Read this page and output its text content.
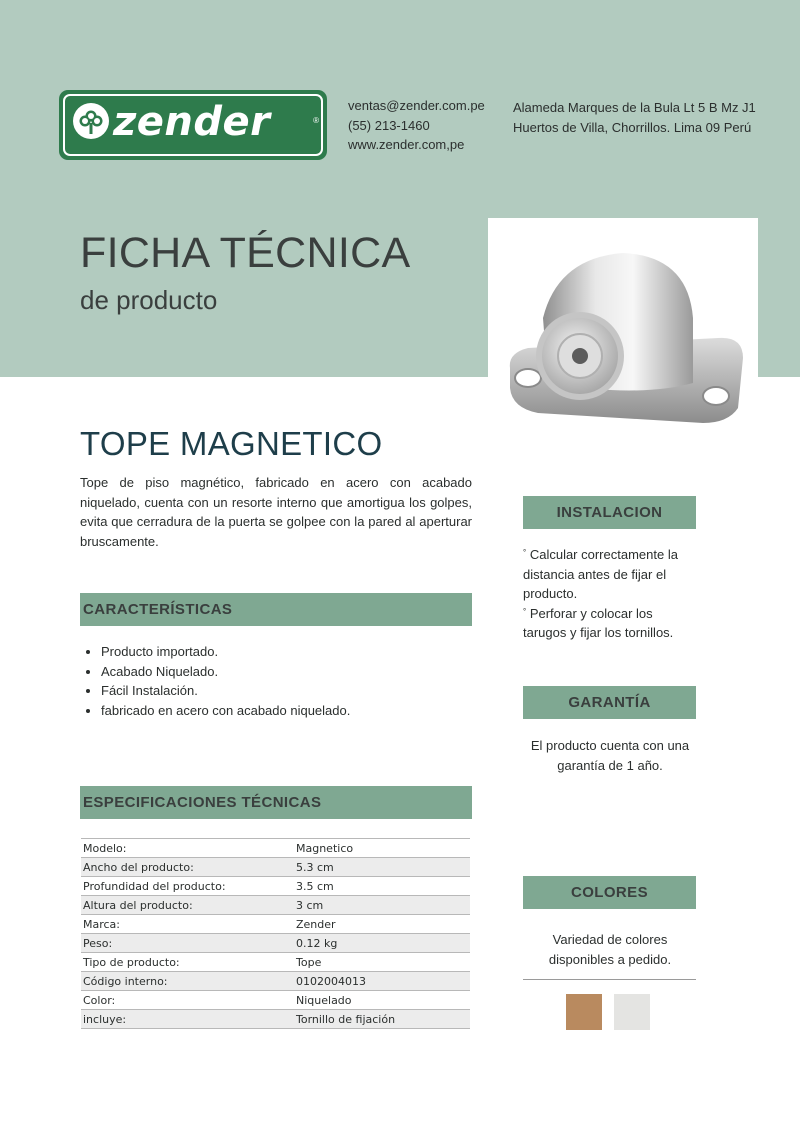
zender	®
ventas@zender.com.pe
(55) 213-1460
www.zender.com,pe
Alameda Marques de la Bula Lt 5 B Mz J1
Huertos de Villa, Chorrillos. Lima 09 Perú
FICHA TÉCNICA
de producto
TOPE MAGNETICO
Tope de piso magnético, fabricado en acero con acabado niquelado, cuenta con un resorte interno que amortigua los golpes, evita que cerradura de la puerta se golpee con la pared al aperturar bruscamente.
CARACTERÍSTICAS
Producto importado.
Acabado Niquelado.
Fácil Instalación.
fabricado en acero con acabado niquelado.
ESPECIFICACIONES TÉCNICAS
Modelo:	Magnetico
Ancho del producto:	5.3 cm
Profundidad del producto:	3.5 cm
Altura del producto:	3 cm
Marca:	Zender
Peso:	0.12 kg
Tipo de producto:	Tope
Código interno:	0102004013
Color:	Niquelado
incluye:	Tornillo de fijación
INSTALACION
° Calcular correctamente la
distancia antes de fijar el
producto.
° Perforar y colocar los
tarugos y fijar los tornillos.
GARANTÍA
El producto cuenta con una
garantía de 1 año.
COLORES
Variedad de colores
disponibles a pedido.
